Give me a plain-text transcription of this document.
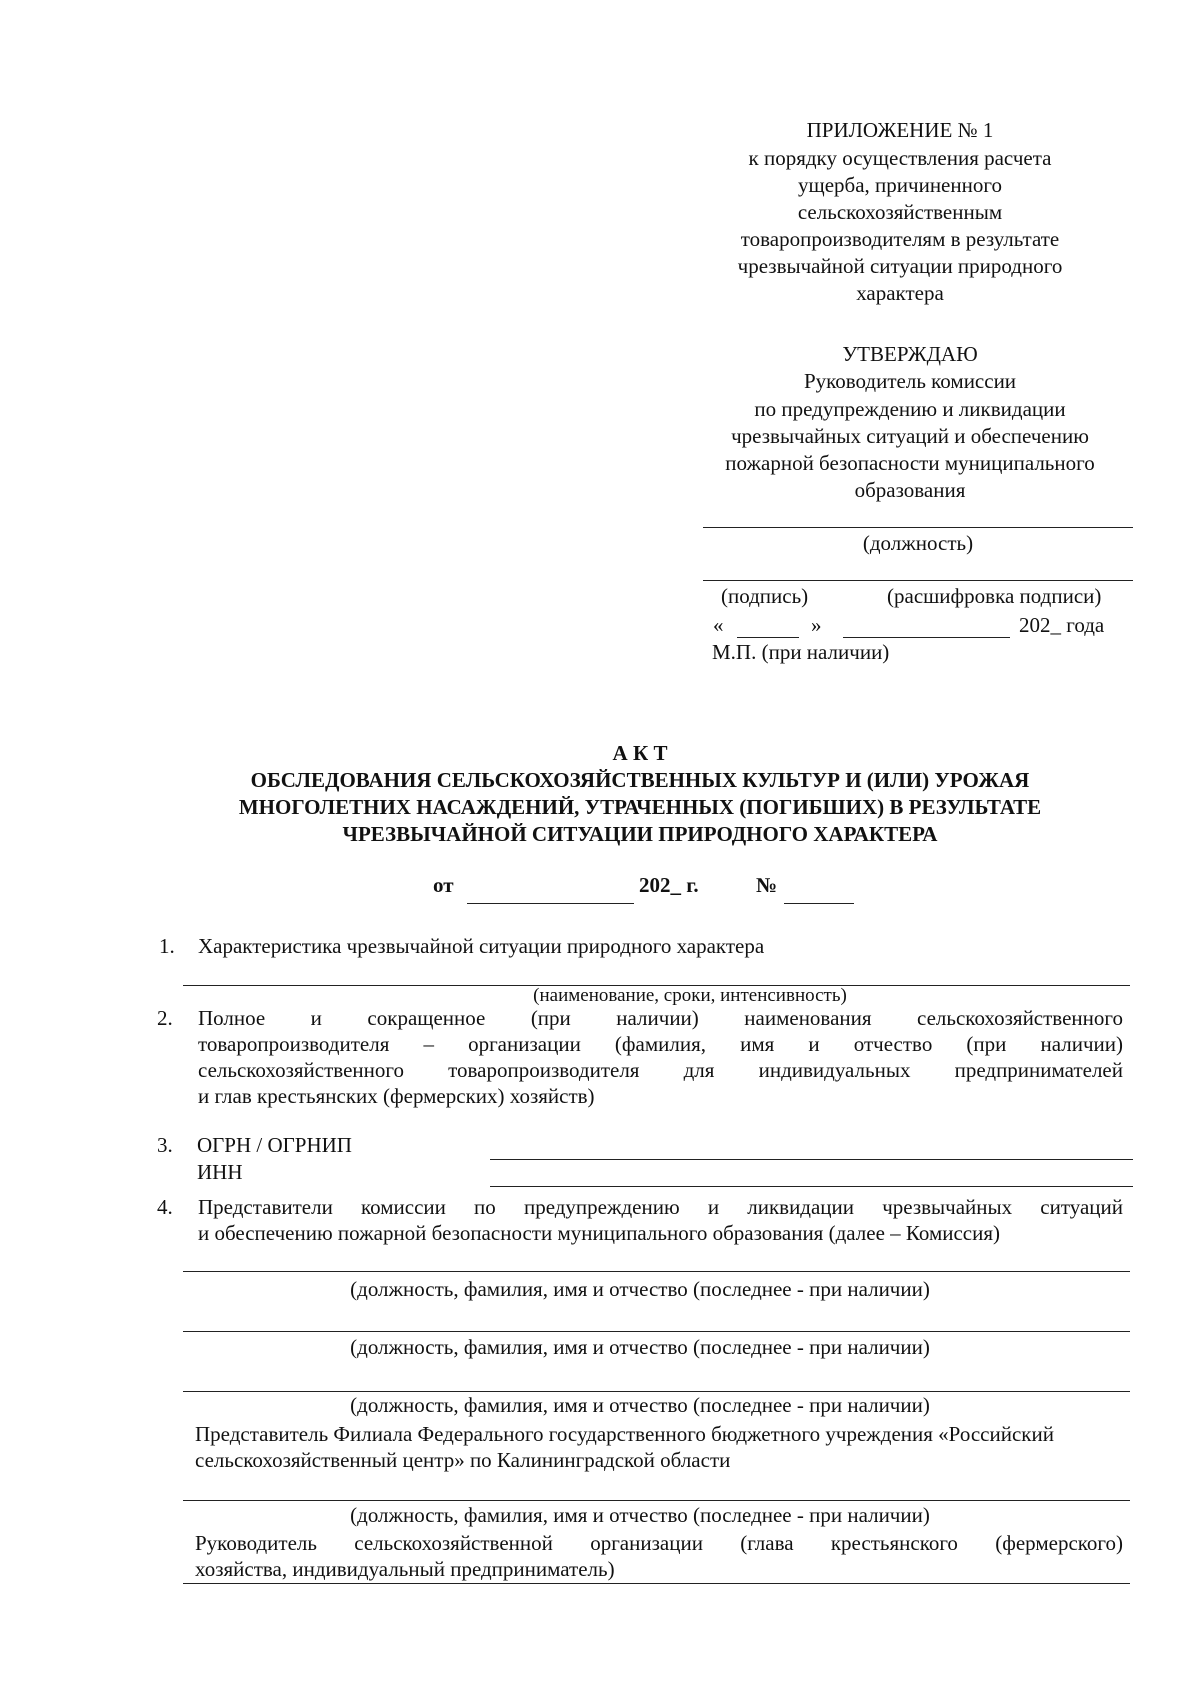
ПРИЛОЖЕНИЕ № 1
к порядку осуществления расчета
ущерба, причиненного
сельскохозяйственным
товаропроизводителям в результате
чрезвычайной ситуации природного
характера
УТВЕРЖДАЮ
Руководитель комиссии
по предупреждению и ликвидации
чрезвычайных ситуаций и обеспечению
пожарной безопасности муниципального
образования
(должность)
(подпись)	(расшифровка подписи)
«	»	202_ года
М.П. (при наличии)
А К Т
ОБСЛЕДОВАНИЯ СЕЛЬСКОХОЗЯЙСТВЕННЫХ КУЛЬТУР И (ИЛИ) УРОЖАЯ
МНОГОЛЕТНИХ НАСАЖДЕНИЙ, УТРАЧЕННЫХ (ПОГИБШИХ) В РЕЗУЛЬТАТЕ
ЧРЕЗВЫЧАЙНОЙ СИТУАЦИИ ПРИРОДНОГО ХАРАКТЕРА
от	202_ г.	№
1. Характеристика чрезвычайной ситуации природного характера
(наименование, сроки, интенсивность)
2. Полное и сокращенное (при наличии) наименования сельскохозяйственного
товаропроизводителя – организации (фамилия, имя и отчество (при наличии)
сельскохозяйственного товаропроизводителя для индивидуальных предпринимателей
и глав крестьянских (фермерских) хозяйств)
3. ОГРН / ОГРНИП
ИНН
4. Представители комиссии по предупреждению и ликвидации чрезвычайных ситуаций
и обеспечению пожарной безопасности муниципального образования (далее – Комиссия)
(должность, фамилия, имя и отчество (последнее - при наличии)
(должность, фамилия, имя и отчество (последнее - при наличии)
(должность, фамилия, имя и отчество (последнее - при наличии)
Представитель Филиала Федерального государственного бюджетного учреждения «Российский
сельскохозяйственный центр» по Калининградской области
(должность, фамилия, имя и отчество (последнее - при наличии)
Руководитель сельскохозяйственной организации (глава крестьянского (фермерского)
хозяйства, индивидуальный предприниматель)
